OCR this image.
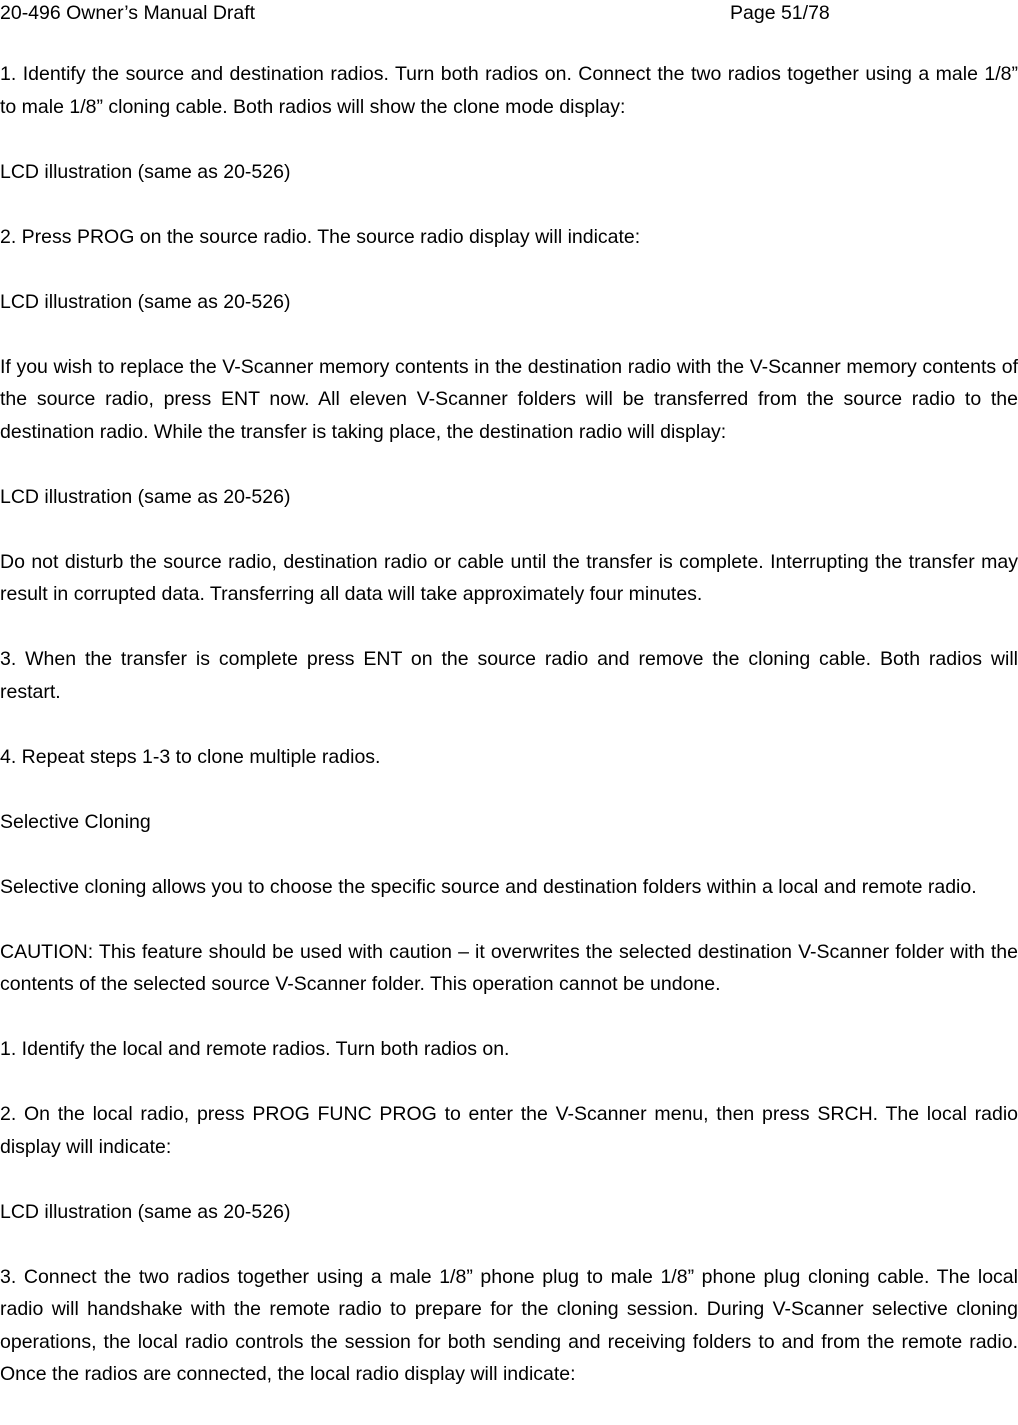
20-496 Owner’s Manual Draft	Page 51/78

1. Identify the source and destination radios. Turn both radios on. Connect the two radios together using a male 1/8” to male 1/8” cloning cable. Both radios will show the clone mode display:

LCD illustration (same as 20-526)

2. Press PROG on the source radio. The source radio display will indicate:

LCD illustration (same as 20-526)

If you wish to replace the V-Scanner memory contents in the destination radio with the V-Scanner memory contents of the source radio, press ENT now. All eleven V-Scanner folders will be transferred from the source radio to the destination radio. While the transfer is taking place, the destination radio will display:

LCD illustration (same as 20-526)

Do not disturb the source radio, destination radio or cable until the transfer is complete. Interrupting the transfer may result in corrupted data. Transferring all data will take approximately four minutes.

3. When the transfer is complete press ENT on the source radio and remove the cloning cable. Both radios will restart.

4. Repeat steps 1-3 to clone multiple radios.

Selective Cloning

Selective cloning allows you to choose the specific source and destination folders within a local and remote radio.

CAUTION: This feature should be used with caution – it overwrites the selected destination V-Scanner folder with the contents of the selected source V-Scanner folder. This operation cannot be undone.

1. Identify the local and remote radios. Turn both radios on.

2. On the local radio, press PROG FUNC PROG to enter the V-Scanner menu, then press SRCH. The local radio display will indicate:

LCD illustration (same as 20-526)

3. Connect the two radios together using a male 1/8” phone plug to male 1/8” phone plug cloning cable. The local radio will handshake with the remote radio to prepare for the cloning session. During V-Scanner selective cloning operations, the local radio controls the session for both sending and receiving folders to and from the remote radio. Once the radios are connected, the local radio display will indicate:
